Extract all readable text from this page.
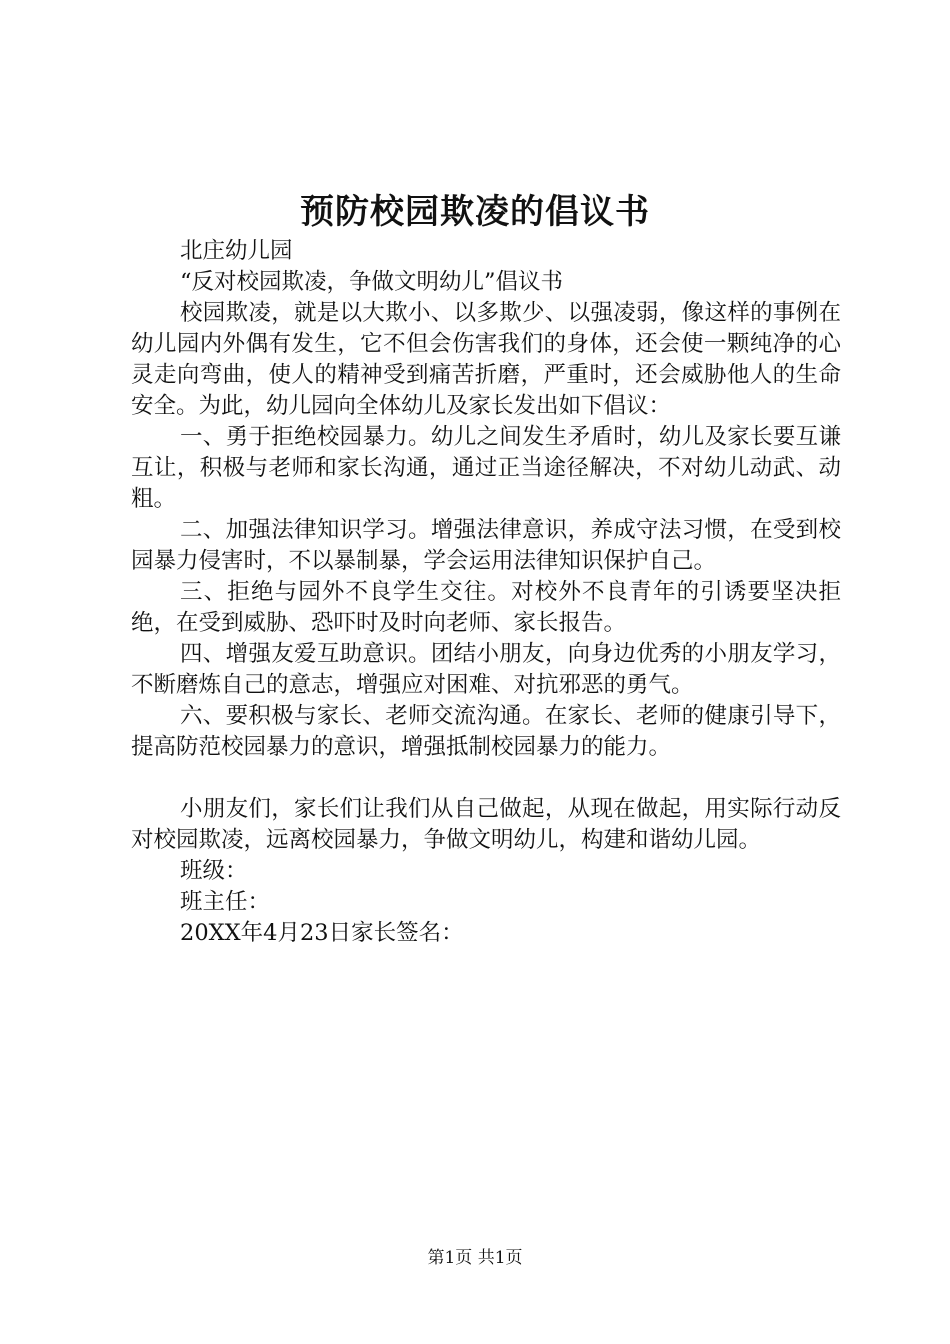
预防校园欺凌的倡议书

北庄幼儿园

“反对校园欺凌，争做文明幼儿”倡议书

校园欺凌，就是以大欺小、以多欺少、以强凌弱，像这样的事例在幼儿园内外偶有发生，它不但会伤害我们的身体，还会使一颗纯净的心灵走向弯曲，使人的精神受到痛苦折磨，严重时，还会威胁他人的生命安全。为此，幼儿园向全体幼儿及家长发出如下倡议：

一、勇于拒绝校园暴力。幼儿之间发生矛盾时，幼儿及家长要互谦互让，积极与老师和家长沟通，通过正当途径解决，不对幼儿动武、动粗。

二、加强法律知识学习。增强法律意识，养成守法习惯，在受到校园暴力侵害时，不以暴制暴，学会运用法律知识保护自己。

三、拒绝与园外不良学生交往。对校外不良青年的引诱要坚决拒绝，在受到威胁、恐吓时及时向老师、家长报告。

四、增强友爱互助意识。团结小朋友，向身边优秀的小朋友学习，不断磨炼自己的意志，增强应对困难、对抗邪恶的勇气。

六、要积极与家长、老师交流沟通。在家长、老师的健康引导下，提高防范校园暴力的意识，增强抵制校园暴力的能力。

小朋友们，家长们让我们从自己做起，从现在做起，用实际行动反对校园欺凌，远离校园暴力，争做文明幼儿，构建和谐幼儿园。

班级：

班主任：

20XX年4月23日家长签名：

第1页 共1页
